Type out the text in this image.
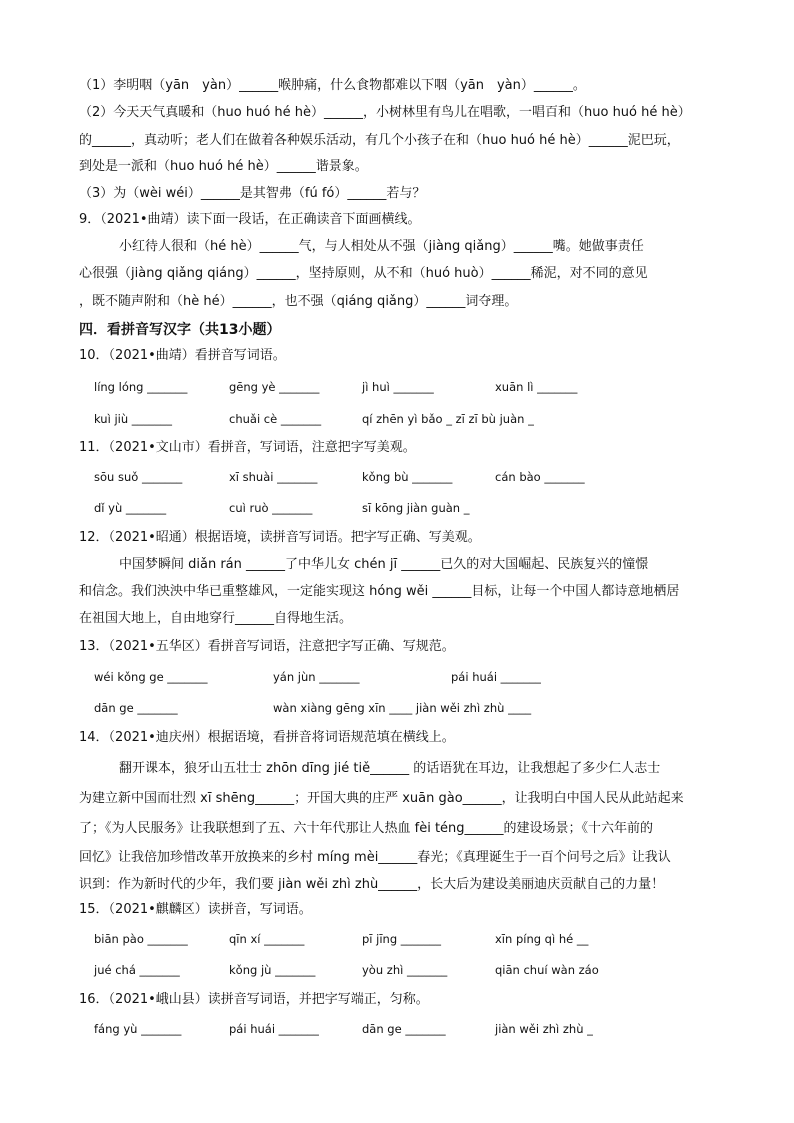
（1）李明咽（yān　yàn）______喉肿痛，什么食物都难以下咽（yān　yàn）______。
（2）今天天气真暖和（huo huó hé hè）______，小树林里有鸟儿在唱歌，一唱百和（huo huó hé hè）
的______，真动听；老人们在做着各种娱乐活动，有几个小孩子在和（huo huó hé hè）______泥巴玩，
到处是一派和（huo huó hé hè）______谐景象。
（3）为（wèi wéi）______是其智弗（fú fó）______若与？
9．（2021•曲靖）读下面一段话，在正确读音下面画横线。
小红待人很和（hé hè）______气，与人相处从不强（jiàng qiǎng）______嘴。她做事责任
心很强（jiàng qiǎng qiáng）______，坚持原则，从不和（huó huò）______稀泥，对不同的意见
，既不随声附和（hè hé）______，也不强（qiáng qiǎng）______词夺理。
四．看拼音写汉字（共13小题）
10．（2021•曲靖）看拼音写词语。
líng lóng _______	gēng yè _______	jì huì _______	xuān lì _______
kuì jiù _______	chuǎi cè _______	qí zhēn yì bǎo _ zī zī bù juàn _
11．（2021•文山市）看拼音，写词语，注意把字写美观。
sōu suǒ _______	xī shuài _______	kǒng bù _______	cán bào _______
dǐ yù _______	cuì ruò _______	sī kōng jiàn guàn _
12．（2021•昭通）根据语境，读拼音写词语。把字写正确、写美观。
中国梦瞬间 diǎn rán ______了中华儿女 chén jī ______已久的对大国崛起、民族复兴的憧憬
和信念。我们泱泱中华已重整雄风，一定能实现这 hóng wěi ______目标，让每一个中国人都诗意地栖居
在祖国大地上，自由地穿行______自得地生活。
13．（2021•五华区）看拼音写词语，注意把字写正确、写规范。
wéi kǒng ge _______	yán jùn _______	pái huái _______
dān ge _______	wàn xiàng gēng xīn ____ jiàn wěi zhì zhù ____
14．（2021•迪庆州）根据语境，看拼音将词语规范填在横线上。
翻开课本，狼牙山五壮士 zhōn dīng jié tiě______ 的话语犹在耳边，让我想起了多少仁人志士
为建立新中国而壮烈 xī shēng______；开国大典的庄严 xuān gào______，让我明白中国人民从此站起来
了；《为人民服务》让我联想到了五、六十年代那让人热血 fèi téng______的建设场景；《十六年前的
回忆》让我倍加珍惜改革开放换来的乡村 míng mèi______春光；《真理诞生于一百个问号之后》让我认
识到：作为新时代的少年，我们要 jiàn wěi zhì zhù______，长大后为建设美丽迪庆贡献自己的力量！
15．（2021•麒麟区）读拼音，写词语。
biān pào _______	qīn xí _______	pī jīng _______	xīn píng qì hé __
jué chá _______	kǒng jù _______	yòu zhì _______	qiān chuí wàn záo
16．（2021•峨山县）读拼音写词语，并把字写端正，匀称。
fáng yù _______	pái huái _______	dān ge _______	jiàn wěi zhì zhù _
